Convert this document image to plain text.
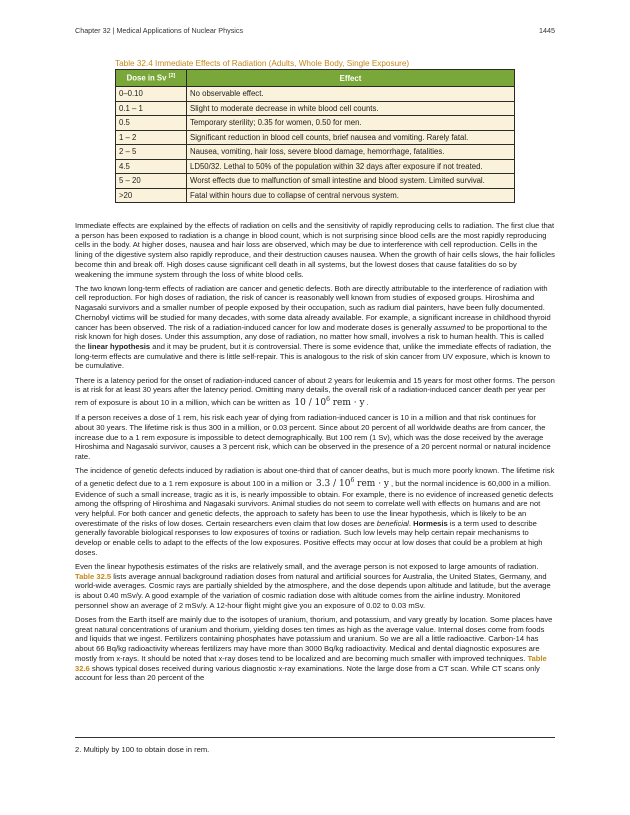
Chapter 32 | Medical Applications of Nuclear Physics	1445
Table 32.4 Immediate Effects of Radiation (Adults, Whole Body, Single Exposure)
Dose in Sv [2]	Effect
0–0.10	No observable effect.
0.1 – 1	Slight to moderate decrease in white blood cell counts.
0.5	Temporary sterility; 0.35 for women, 0.50 for men.
1 – 2	Significant reduction in blood cell counts, brief nausea and vomiting. Rarely fatal.
2 – 5	Nausea, vomiting, hair loss, severe blood damage, hemorrhage, fatalities.
4.5	LD50/32. Lethal to 50% of the population within 32 days after exposure if not treated.
5 – 20	Worst effects due to malfunction of small intestine and blood system. Limited survival.
>20	Fatal within hours due to collapse of central nervous system.

Immediate effects are explained by the effects of radiation on cells and the sensitivity of rapidly reproducing cells to radiation. The first clue that a person has been exposed to radiation is a change in blood count, which is not surprising since blood cells are the most rapidly reproducing cells in the body. At higher doses, nausea and hair loss are observed, which may be due to interference with cell reproduction. Cells in the lining of the digestive system also rapidly reproduce, and their destruction causes nausea. When the growth of hair cells slows, the hair follicles become thin and break off. High doses cause significant cell death in all systems, but the lowest doses that cause fatalities do so by weakening the immune system through the loss of white blood cells.

The two known long-term effects of radiation are cancer and genetic defects. Both are directly attributable to the interference of radiation with cell reproduction. For high doses of radiation, the risk of cancer is reasonably well known from studies of exposed groups. Hiroshima and Nagasaki survivors and a smaller number of people exposed by their occupation, such as radium dial painters, have been fully documented. Chernobyl victims will be studied for many decades, with some data already available. For example, a significant increase in childhood thyroid cancer has been observed. The risk of a radiation-induced cancer for low and moderate doses is generally assumed to be proportional to the risk known for high doses. Under this assumption, any dose of radiation, no matter how small, involves a risk to human health. This is called the linear hypothesis and it may be prudent, but it is controversial. There is some evidence that, unlike the immediate effects of radiation, the long-term effects are cumulative and there is little self-repair. This is analogous to the risk of skin cancer from UV exposure, which is known to be cumulative.

There is a latency period for the onset of radiation-induced cancer of about 2 years for leukemia and 15 years for most other forms. The person is at risk for at least 30 years after the latency period. Omitting many details, the overall risk of a radiation-induced cancer death per year per rem of exposure is about 10 in a million, which can be written as $10 / 10^6$ rem · y .

If a person receives a dose of 1 rem, his risk each year of dying from radiation-induced cancer is 10 in a million and that risk continues for about 30 years. The lifetime risk is thus 300 in a million, or 0.03 percent. Since about 20 percent of all worldwide deaths are from cancer, the increase due to a 1 rem exposure is impossible to detect demographically. But 100 rem (1 Sv), which was the dose received by the average Hiroshima and Nagasaki survivor, causes a 3 percent risk, which can be observed in the presence of a 20 percent normal or natural incidence rate.

The incidence of genetic defects induced by radiation is about one-third that of cancer deaths, but is much more poorly known. The lifetime risk of a genetic defect due to a 1 rem exposure is about 100 in a million or $3.3 / 10^6$ rem · y , but the normal incidence is 60,000 in a million. Evidence of such a small increase, tragic as it is, is nearly impossible to obtain. For example, there is no evidence of increased genetic defects among the offspring of Hiroshima and Nagasaki survivors. Animal studies do not seem to correlate well with effects on humans and are not very helpful. For both cancer and genetic defects, the approach to safety has been to use the linear hypothesis, which is likely to be an overestimate of the risks of low doses. Certain researchers even claim that low doses are beneficial. Hormesis is a term used to describe generally favorable biological responses to low exposures of toxins or radiation. Such low levels may help certain repair mechanisms to develop or enable cells to adapt to the effects of the low exposures. Positive effects may occur at low doses that could be a problem at high doses.

Even the linear hypothesis estimates of the risks are relatively small, and the average person is not exposed to large amounts of radiation. Table 32.5 lists average annual background radiation doses from natural and artificial sources for Australia, the United States, Germany, and world-wide averages. Cosmic rays are partially shielded by the atmosphere, and the dose depends upon altitude and latitude, but the average is about 0.40 mSv/y. A good example of the variation of cosmic radiation dose with altitude comes from the airline industry. Monitored personnel show an average of 2 mSv/y. A 12-hour flight might give you an exposure of 0.02 to 0.03 mSv.

Doses from the Earth itself are mainly due to the isotopes of uranium, thorium, and potassium, and vary greatly by location. Some places have great natural concentrations of uranium and thorium, yielding doses ten times as high as the average value. Internal doses come from foods and liquids that we ingest. Fertilizers containing phosphates have potassium and uranium. So we are all a little radioactive. Carbon-14 has about 66 Bq/kg radioactivity whereas fertilizers may have more than 3000 Bq/kg radioactivity. Medical and dental diagnostic exposures are mostly from x-rays. It should be noted that x-ray doses tend to be localized and are becoming much smaller with improved techniques. Table 32.6 shows typical doses received during various diagnostic x-ray examinations. Note the large dose from a CT scan. While CT scans only account for less than 20 percent of the

2. Multiply by 100 to obtain dose in rem.
